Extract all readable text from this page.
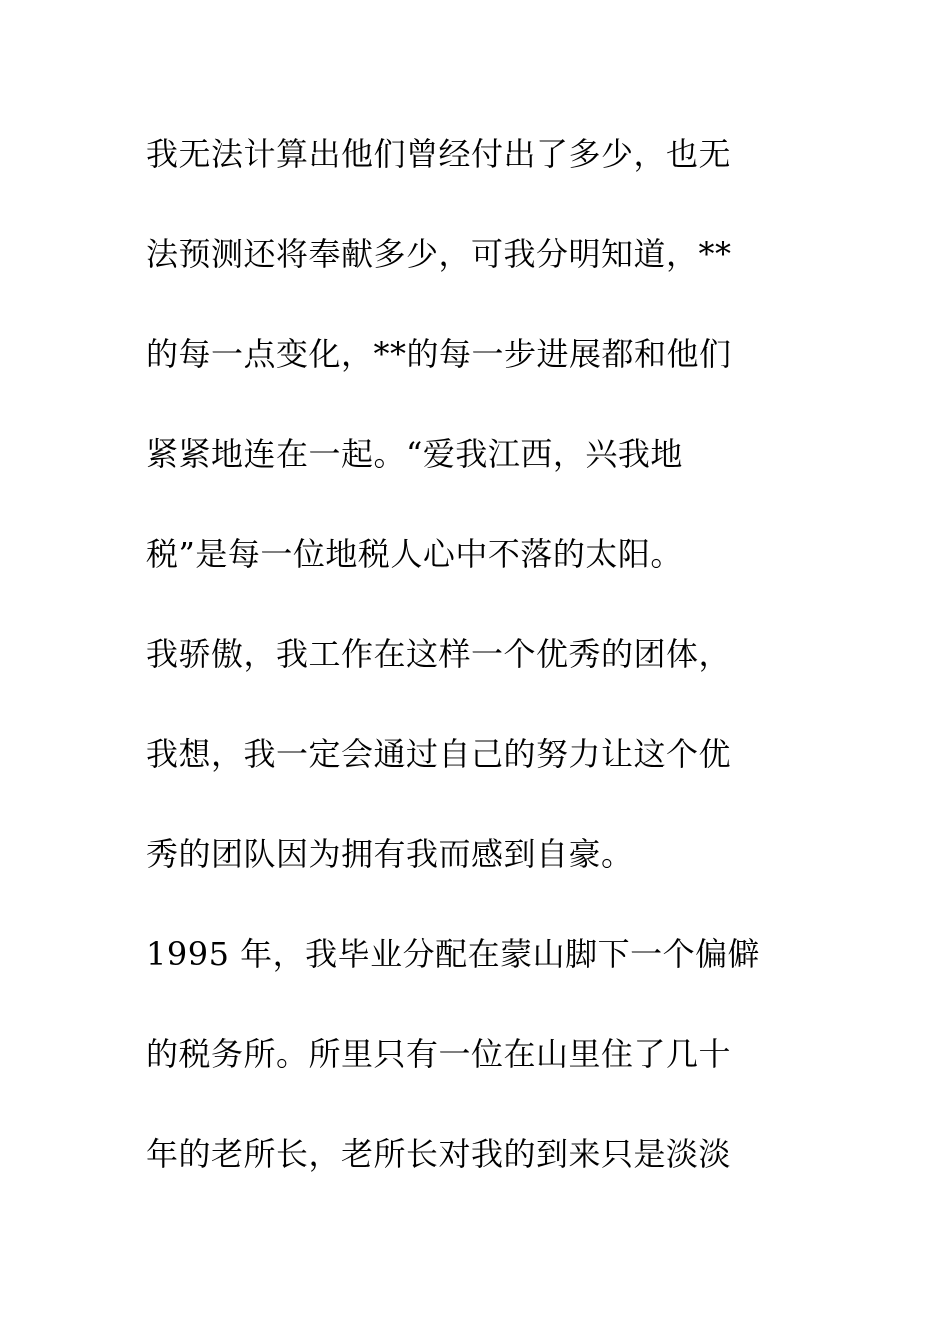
我无法计算出他们曾经付出了多少，也无
法预测还将奉献多少，可我分明知道，**
的每一点变化，**的每一步进展都和他们
紧紧地连在一起。“爱我江西，兴我地
税”是每一位地税人心中不落的太阳。
我骄傲，我工作在这样一个优秀的团体，
我想，我一定会通过自己的努力让这个优
秀的团队因为拥有我而感到自豪。
1995 年，我毕业分配在蒙山脚下一个偏僻
的税务所。所里只有一位在山里住了几十
年的老所长，老所长对我的到来只是淡淡
